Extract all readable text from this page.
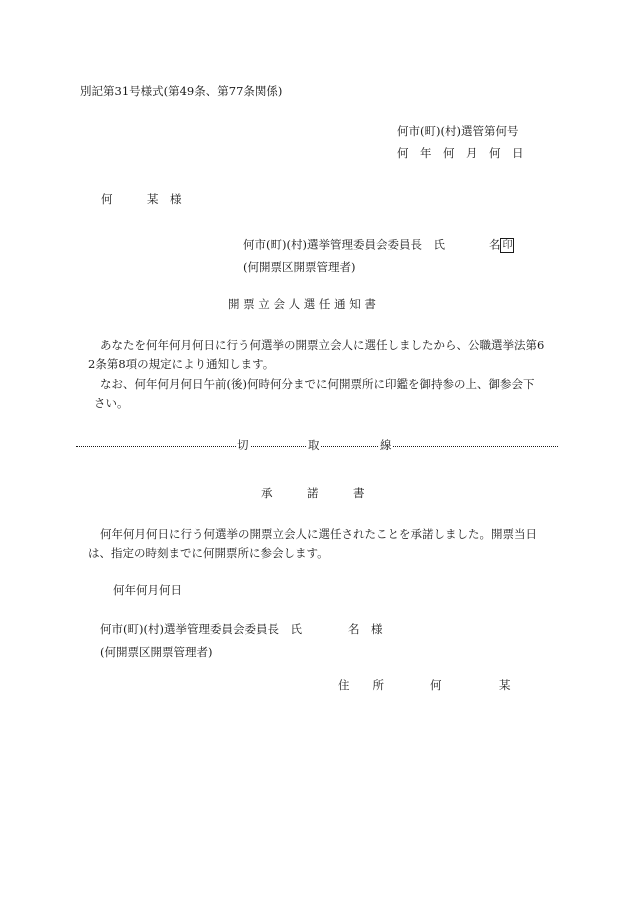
別記第31号様式(第49条、第77条関係)
何市(町)(村)選管第何号
何　年　何　月　何　日
何　　　某　様
何市(町)(村)選挙管理委員会委員長　氏	名 印
(何開票区開票管理者)
開 票 立 会 人 選 任 通 知 書
あなたを何年何月何日に行う何選挙の開票立会人に選任しましたから、公職選挙法第6
2条第8項の規定により通知します。
なお、何年何月何日午前(後)何時何分までに何開票所に印鑑を御持参の上、御参会下
さい。
切	取	線
承　　　諾　　　書
何年何月何日に行う何選挙の開票立会人に選任されたことを承諾しました。開票当日
は、指定の時刻までに何開票所に参会します。
何年何月何日
何市(町)(村)選挙管理委員会委員長　氏　　　　名　様
(何開票区開票管理者)
住　　所	何　　　　　某
